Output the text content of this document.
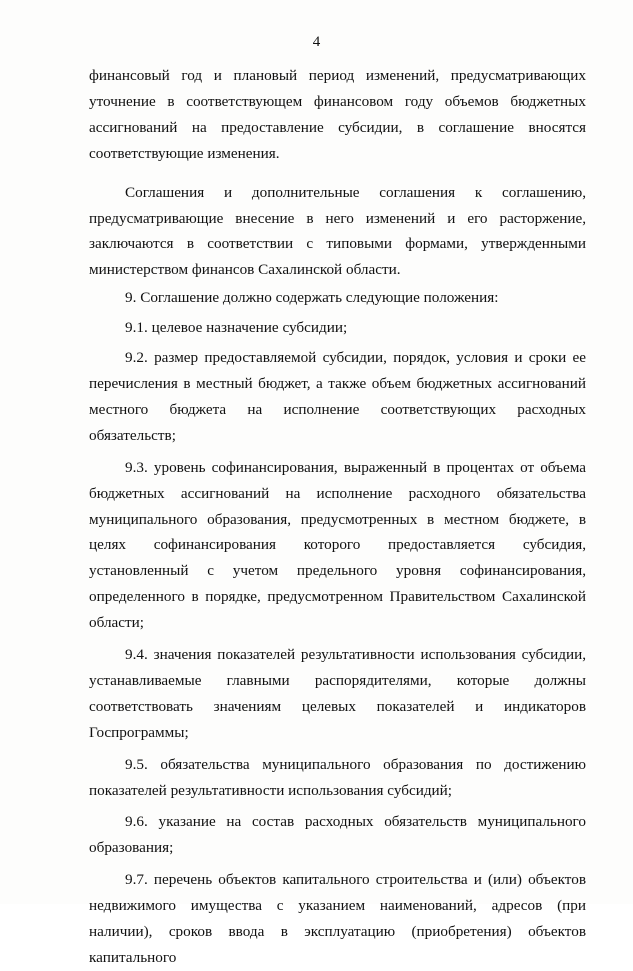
4

финансовый год и плановый период изменений, предусматривающих уточнение в соответствующем финансовом году объемов бюджетных ассигнований на предоставление субсидии, в соглашение вносятся соответствующие изменения.

Соглашения и дополнительные соглашения к соглашению, предусматривающие внесение в него изменений и его расторжение, заключаются в соответствии с типовыми формами, утвержденными министерством финансов Сахалинской области.

9. Соглашение должно содержать следующие положения:

9.1. целевое назначение субсидии;

9.2. размер предоставляемой субсидии, порядок, условия и сроки ее перечисления в местный бюджет, а также объем бюджетных ассигнований местного бюджета на исполнение соответствующих расходных обязательств;

9.3. уровень софинансирования, выраженный в процентах от объема бюджетных ассигнований на исполнение расходного обязательства муниципального образования, предусмотренных в местном бюджете, в целях софинансирования которого предоставляется субсидия, установленный с учетом предельного уровня софинансирования, определенного в порядке, предусмотренном Правительством Сахалинской области;

9.4. значения показателей результативности использования субсидии, устанавливаемые главными распорядителями, которые должны соответствовать значениям целевых показателей и индикаторов Госпрограммы;

9.5. обязательства муниципального образования по достижению показателей результативности использования субсидий;

9.6. указание на состав расходных обязательств муниципального образования;

9.7. перечень объектов капитального строительства и (или) объектов недвижимого имущества с указанием наименований, адресов (при наличии), сроков ввода в эксплуатацию (приобретения) объектов капитального
